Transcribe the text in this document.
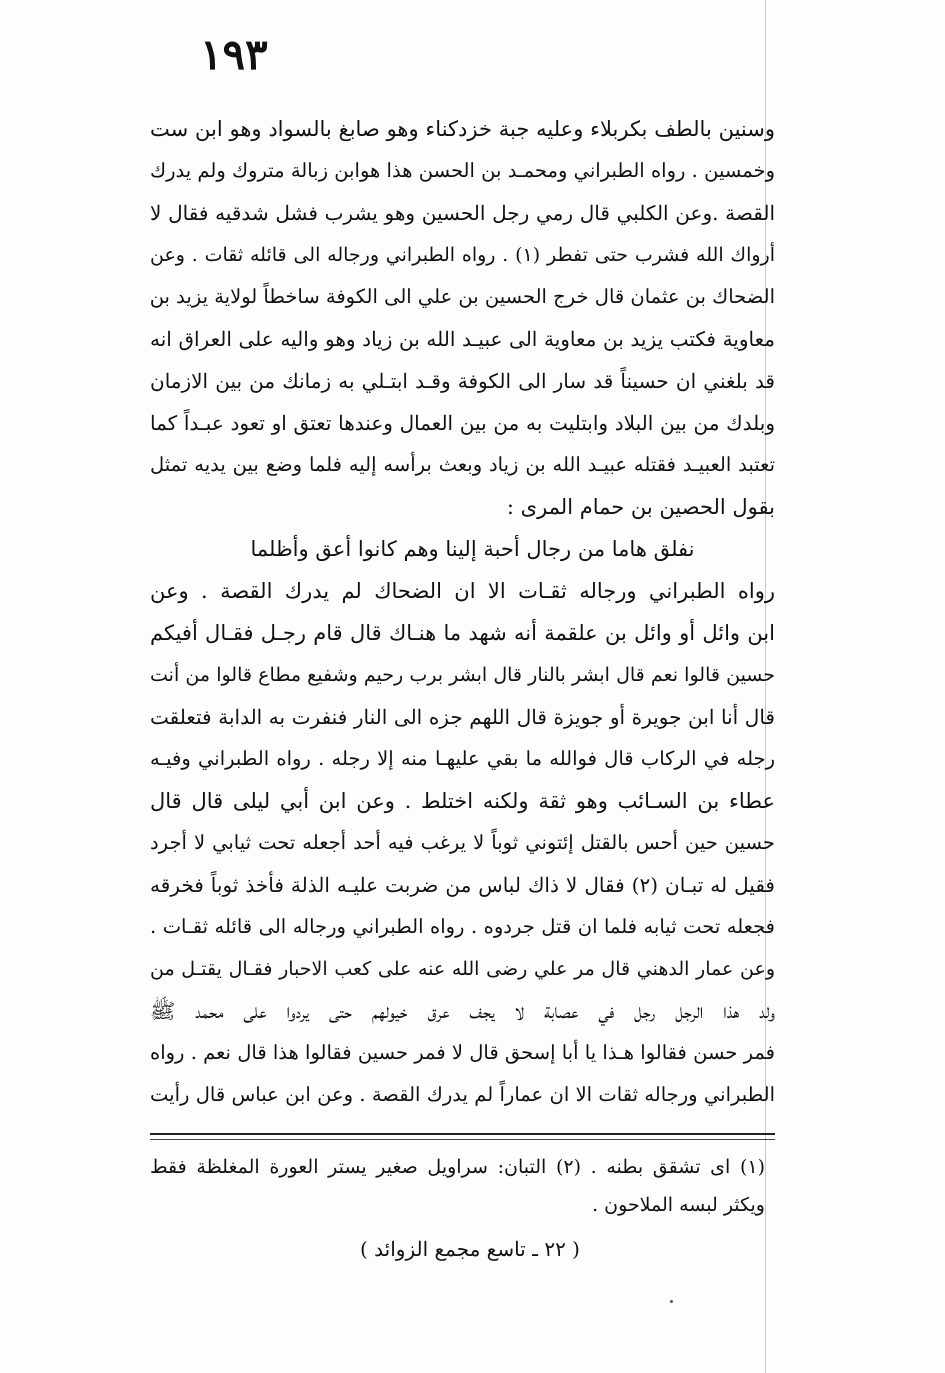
١٩٣
وسنين بالطف بكربلاء وعليه جبة خزدكناء وهو صابغ بالسواد وهو ابن ست
وخمسين . رواه الطبراني ومحمـد بن الحسن هذا هوابن زبالة متروك ولم يدرك
القصة .وعن الكلبي قال رمي رجل الحسين وهو يشرب فشل شدقيه فقال لا
أرواك الله فشرب حتى تفطر (١) . رواه الطبراني ورجاله الى قائله ثقات . وعن
الضحاك بن عثمان قال خرج الحسين بن علي الى الكوفة ساخطاً لولاية يزيد بن
معاوية فكتب يزيد بن معاوية الى عبيـد الله بن زياد وهو واليه على العراق انه
قد بلغني ان حسيناً قد سار الى الكوفة وقـد ابتـلي به زمانك من بين الازمان
وبلدك من بين البلاد وابتليت به من بين العمال وعندها تعتق او تعود عبـداً كما
تعتبد العبيـد فقتله عبيـد الله بن زياد وبعث برأسه إليه فلما وضع بين يديه تمثل
بقول الحصين بن حمام المرى :
نفلق هاما من رجال أحبة إلينا وهم كانوا أعق وأظلما
رواه الطبراني ورجاله ثقـات الا ان الضحاك لم يدرك القصة . وعن
ابن وائل أو وائل بن علقمة أنه شهد ما هنـاك قال قام رجـل فقـال أفيكم
حسين قالوا نعم قال ابشر بالنار قال ابشر برب رحيم وشفيع مطاع قالوا من أنت
قال أنا ابن جويرة أو جويزة قال اللهم جزه الى النار فنفرت به الدابة فتعلقت
رجله في الركاب قال فوالله ما بقي عليهـا منه إلا رجله . رواه الطبراني وفيـه
عطاء بن السـائب وهو ثقة ولكنه اختلط . وعن ابن أبي ليلى قال قال
حسين حين أحس بالقتل إئتوني ثوباً لا يرغب فيه أحد أجعله تحت ثيابي لا أجرد
فقيل له تبـان (٢) فقال لا ذاك لباس من ضربت عليـه الذلة فأخذ ثوباً فخرقه
فجعله تحت ثيابه فلما ان قتل جردوه . رواه الطبراني ورجاله الى قائله ثقـات .
وعن عمار الدهني قال مر علي رضى الله عنه على كعب الاحبار فقـال يقتـل من
ولد هذا الرجل رجل في عصابة لا يجف عرق خيولهم حتى يردوا على محمد ﷺ
فمر حسن فقالوا هـذا يا أبا إسحق قال لا فمر حسين فقالوا هذا قال نعم . رواه
الطبراني ورجاله ثقات الا ان عماراً لم يدرك القصة . وعن ابن عباس قال رأيت
(١) اى تشقق بطنه . (٢) التبان: سراويل صغير يستر العورة المغلظة فقط
ويكثر لبسه الملاحون .
( ٢٢ ـ تاسع مجمع الزوائد )
